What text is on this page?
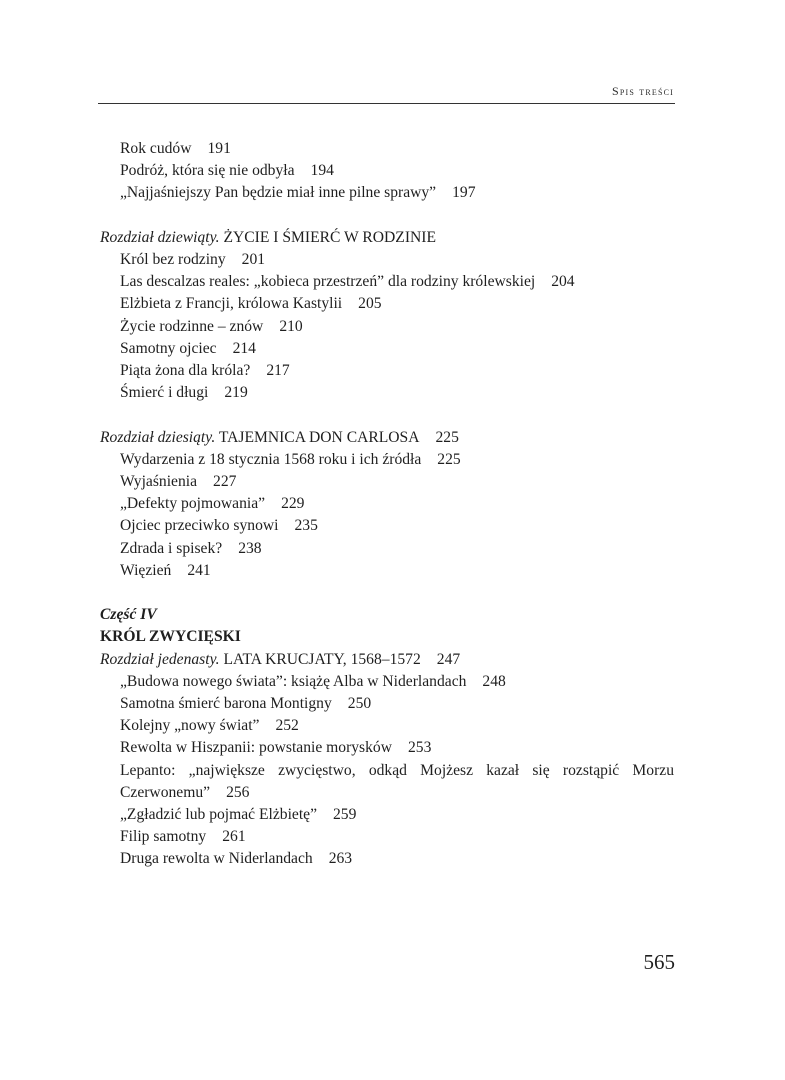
Spis treści
Rok cudów 191
Podróż, która się nie odbyła 194
„Najjaśniejszy Pan będzie miał inne pilne sprawy” 197
Rozdział dziewiąty. ŻYCIE I ŚMIERĆ W RODZINIE
Król bez rodziny 201
Las descalzas reales: „kobieca przestrzeń” dla rodziny królewskiej 204
Elżbieta z Francji, królowa Kastylii 205
Życie rodzinne – znów 210
Samotny ojciec 214
Piąta żona dla króla? 217
Śmierć i długi 219
Rozdział dziesiąty. TAJEMNICA DON CARLOSA 225
Wydarzenia z 18 stycznia 1568 roku i ich źródła 225
Wyjaśnienia 227
„Defekty pojmowania” 229
Ojciec przeciwko synowi 235
Zdrada i spisek? 238
Więzień 241
Część IV
KRÓL ZWYCIĘSKI
Rozdział jedenasty. LATA KRUCJATY, 1568–1572 247
„Budowa nowego świata”: książę Alba w Niderlandach 248
Samotna śmierć barona Montigny 250
Kolejny „nowy świat” 252
Rewolta w Hiszpanii: powstanie morysków 253
Lepanto: „największe zwycięstwo, odkąd Mojżesz kazał się rozstąpić Morzu
Czerwonemu” 256
„Zgładzić lub pojmać Elżbietę” 259
Filip samotny 261
Druga rewolta w Niderlandach 263
565
